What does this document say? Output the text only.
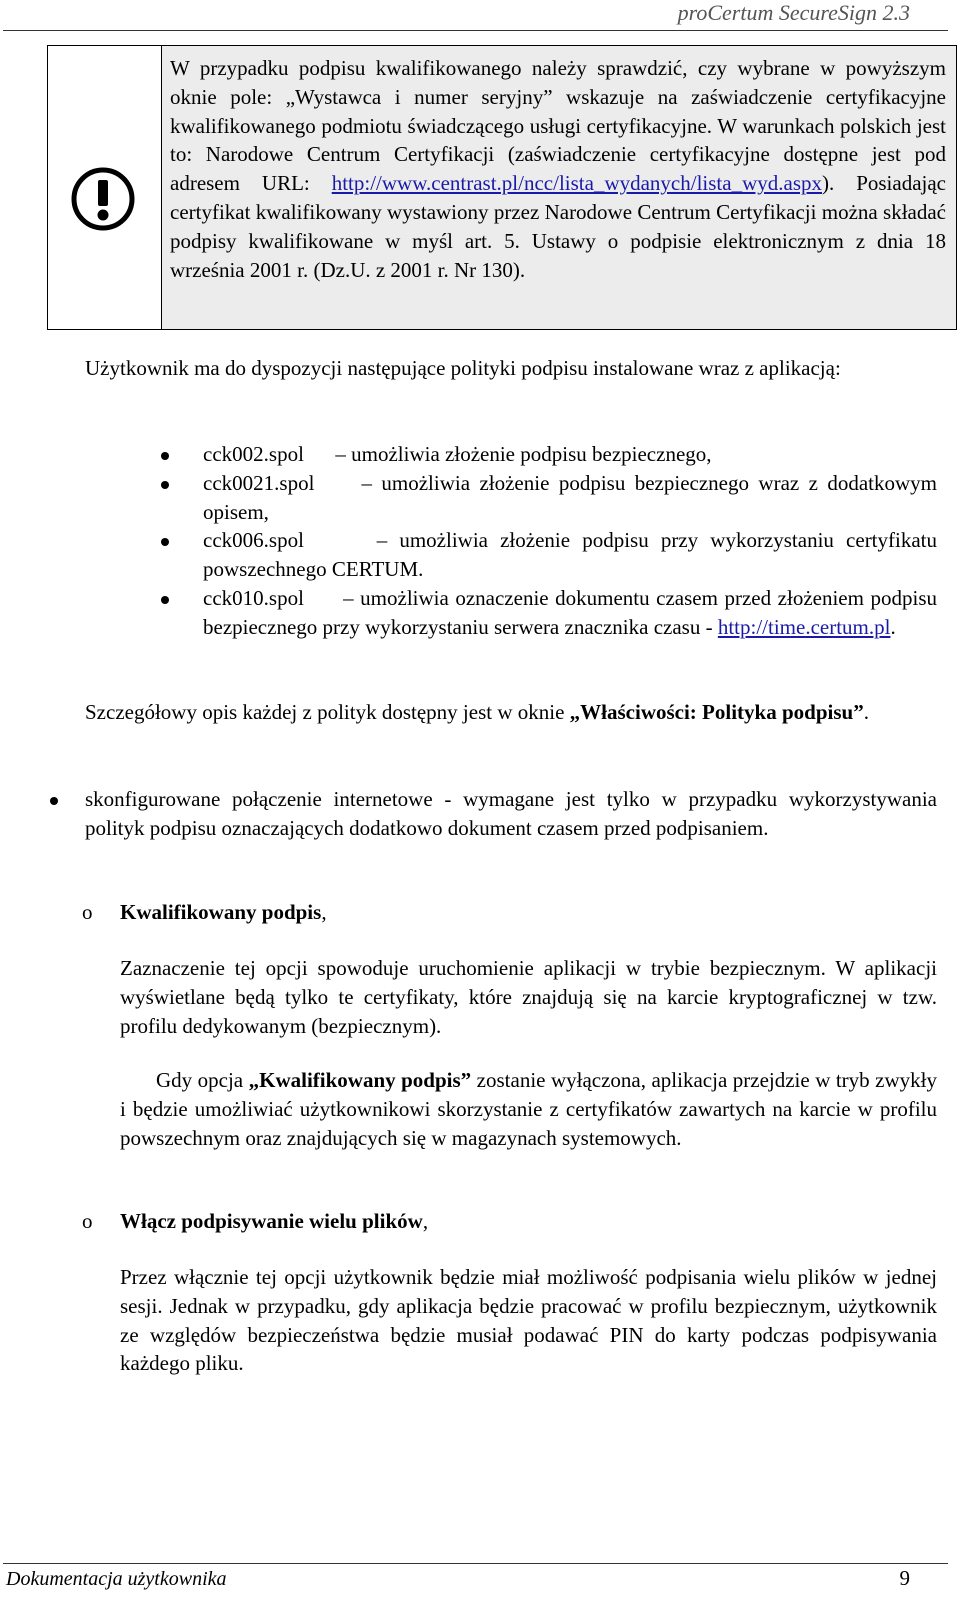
proCertum SecureSign 2.3
W przypadku podpisu kwalifikowanego należy sprawdzić, czy wybrane w powyższym oknie pole: „Wystawca i numer seryjny” wskazuje na zaświadczenie certyfikacyjne kwalifikowanego podmiotu świadczącego usługi certyfikacyjne. W warunkach polskich jest to: Narodowe Centrum Certyfikacji (zaświadczenie certyfikacyjne dostępne jest pod adresem URL: http://www.centrast.pl/ncc/lista_wydanych/lista_wyd.aspx). Posiadając certyfikat kwalifikowany wystawiony przez Narodowe Centrum Certyfikacji można składać podpisy kwalifikowane w myśl art. 5. Ustawy o podpisie elektronicznym z dnia 18 września 2001 r. (Dz.U. z 2001 r. Nr 130).
Użytkownik ma do dyspozycji następujące polityki podpisu instalowane wraz z aplikacją:
cck002.spol – umożliwia złożenie podpisu bezpiecznego,
cck0021.spol – umożliwia złożenie podpisu bezpiecznego wraz z dodatkowym opisem,
cck006.spol	– umożliwia złożenie podpisu przy wykorzystaniu certyfikatu powszechnego CERTUM.
cck010.spol – umożliwia oznaczenie dokumentu czasem przed złożeniem podpisu bezpiecznego przy wykorzystaniu serwera znacznika czasu - http://time.certum.pl.
Szczegółowy opis każdej z polityk dostępny jest w oknie „Właściwości: Polityka podpisu”.
skonfigurowane połączenie internetowe - wymagane jest tylko w przypadku wykorzystywania polityk podpisu oznaczających dodatkowo dokument czasem przed podpisaniem.
o Kwalifikowany podpis,
Zaznaczenie tej opcji spowoduje uruchomienie aplikacji w trybie bezpiecznym. W aplikacji wyświetlane będą tylko te certyfikaty, które znajdują się na karcie kryptograficznej w tzw. profilu dedykowanym (bezpiecznym).
Gdy opcja „Kwalifikowany podpis” zostanie wyłączona, aplikacja przejdzie w tryb zwykły i będzie umożliwiać użytkownikowi skorzystanie z certyfikatów zawartych na karcie w profilu powszechnym oraz znajdujących się w magazynach systemowych.
o Włącz podpisywanie wielu plików,
Przez włącznie tej opcji użytkownik będzie miał możliwość podpisania wielu plików w jednej sesji. Jednak w przypadku, gdy aplikacja będzie pracować w profilu bezpiecznym, użytkownik ze względów bezpieczeństwa będzie musiał podawać PIN do karty podczas podpisywania każdego pliku.
Dokumentacja użytkownika	9
